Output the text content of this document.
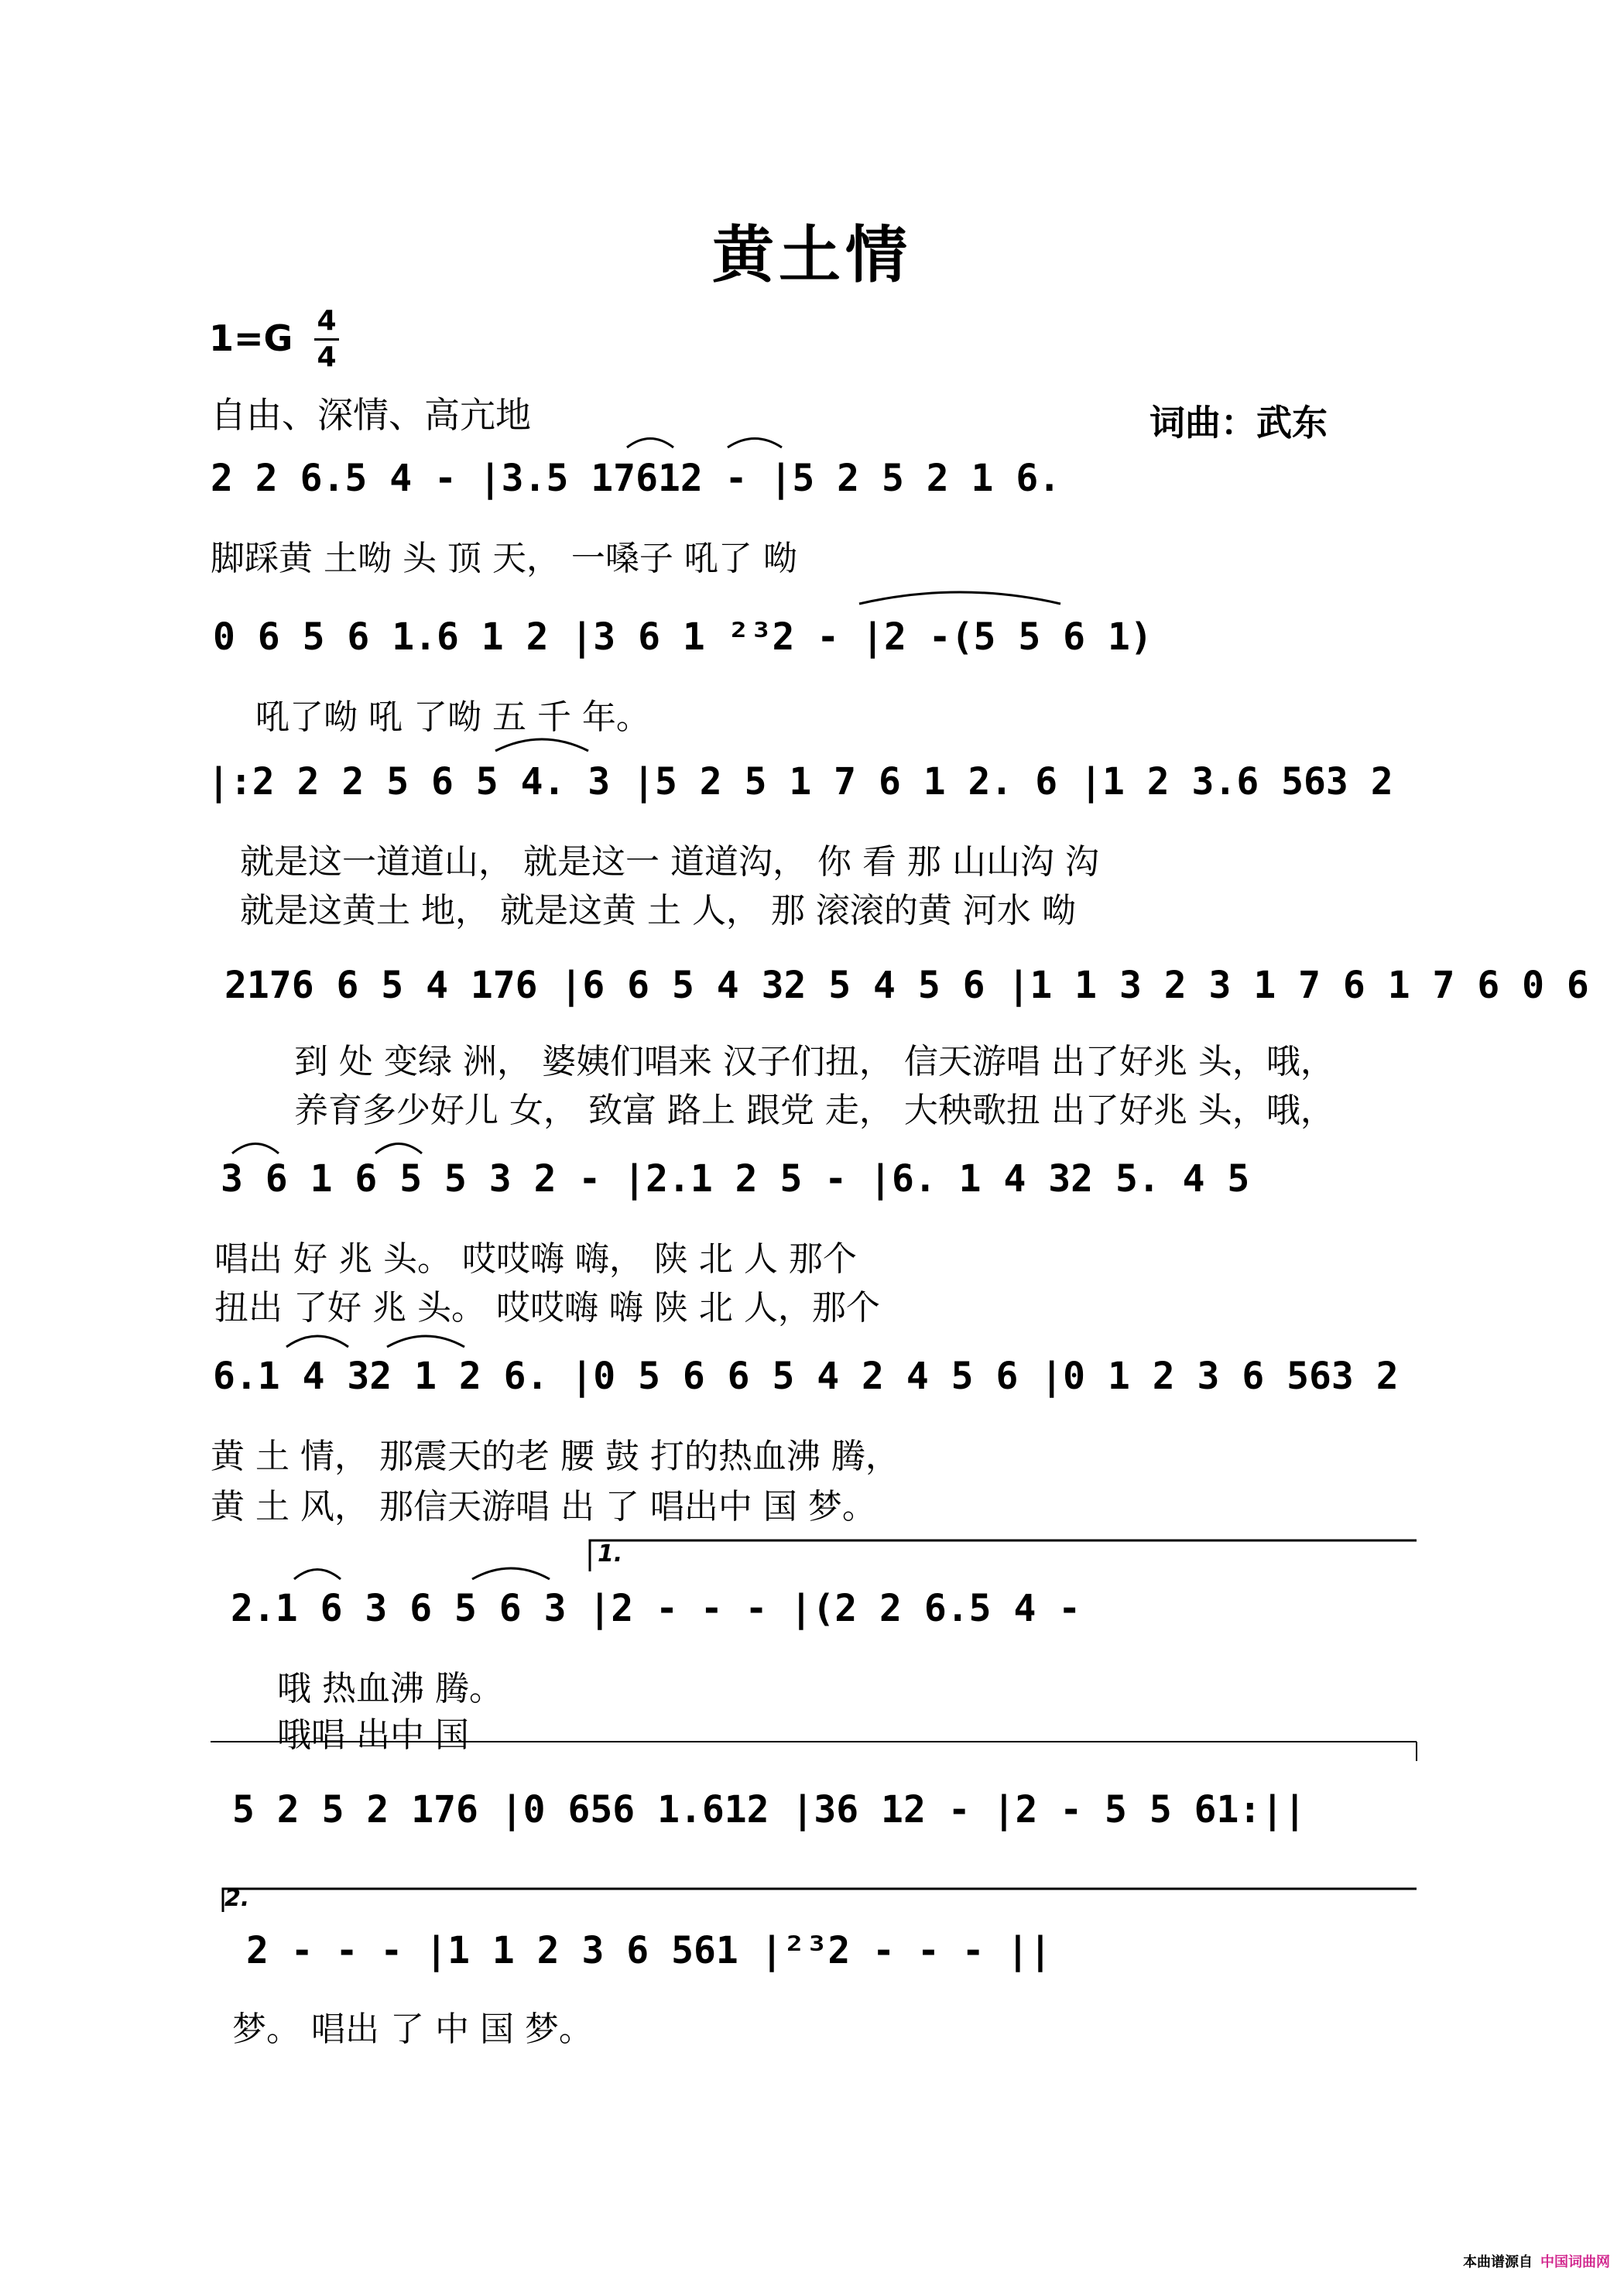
黄土情
1=G 4
4
自由、深情、高亢地	词曲：武东
2 2 6.5 4 - |3.5 17612 - |5 2 5 2 1 6.
脚踩黄 土呦 头 顶 天， 一嗓子 吼了 呦
0 6 5 6 1.6 1 2 |3 6 1 ²³2 - |2 -(5 5 6 1)
吼了呦 吼 了呦 五 千 年。
|:2 2 2 5 6 5 4. 3 |5 2 5 1 7 6 1 2. 6 |1 2 3.6 563 2
就是这一道道山， 就是这一 道道沟， 你 看 那 山山沟 沟
就是这黄土 地， 就是这黄 土 人， 那 滚滚的黄 河水 呦
2176 6 5 4 176 |6 6 5 4 32 5 4 5 6 |1 1 3 2 3 1 7 6 1 7 6 0 6
到 处 变绿 洲， 婆姨们唱来 汉子们扭， 信天游唱 出了好兆 头，哦，
养育多少好儿 女， 致富 路上 跟党 走， 大秧歌扭 出了好兆 头，哦，
3 6 1 6 5 5 3 2 - |2.1 2 5 - |6. 1 4 32 5. 4 5
唱出 好 兆 头。 哎哎嗨 嗨， 陕 北 人 那个
扭出 了好 兆 头。 哎哎嗨 嗨 陕 北 人，那个
6.1 4 32 1 2 6. |0 5 6 6 5 4 2 4 5 6 |0 1 2 3 6 563 2
黄 土 情， 那震天的老 腰 鼓 打的热血沸 腾，
黄 土 风， 那信天游唱 出 了 唱出中 国 梦。
1.
2.1 6 3 6 5 6 3 |2 - - - |(2 2 6.5 4 -
哦 热血沸 腾。
哦唱 出中 国
5 2 5 2 176 |0 656 1.612 |36 12 - |2 - 5 5 61:||
2.
2 - - - |1 1 2 3 6 561 |²³2 - - - ||
梦。 唱出 了 中 国 梦。
本曲谱源自 中国词曲网
